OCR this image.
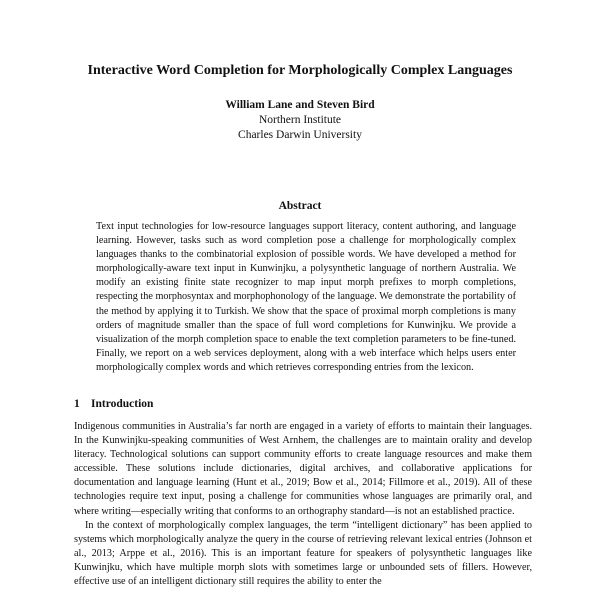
Interactive Word Completion for Morphologically Complex Languages
William Lane and Steven Bird
Northern Institute
Charles Darwin University
Abstract
Text input technologies for low-resource languages support literacy, content authoring, and language learning. However, tasks such as word completion pose a challenge for morphologically complex languages thanks to the combinatorial explosion of possible words. We have developed a method for morphologically-aware text input in Kunwinjku, a polysynthetic language of northern Australia. We modify an existing finite state recognizer to map input morph prefixes to morph completions, respecting the morphosyntax and morphophonology of the language. We demonstrate the portability of the method by applying it to Turkish. We show that the space of proximal morph completions is many orders of magnitude smaller than the space of full word completions for Kunwinjku. We provide a visualization of the morph completion space to enable the text completion parameters to be fine-tuned. Finally, we report on a web services deployment, along with a web interface which helps users enter morphologically complex words and which retrieves corresponding entries from the lexicon.
1 Introduction

Indigenous communities in Australia’s far north are engaged in a variety of efforts to maintain their languages. In the Kunwinjku-speaking communities of West Arnhem, the challenges are to maintain orality and develop literacy. Technological solutions can support community efforts to create language resources and make them accessible. These solutions include dictionaries, digital archives, and collaborative applications for documentation and language learning (Hunt et al., 2019; Bow et al., 2014; Fillmore et al., 2019). All of these technologies require text input, posing a challenge for communities whose languages are primarily oral, and where writing—especially writing that conforms to an orthography standard—is not an established practice.

In the context of morphologically complex languages, the term “intelligent dictionary” has been applied to systems which morphologically analyze the query in the course of retrieving relevant lexical entries (Johnson et al., 2013; Arppe et al., 2016). This is an important feature for speakers of polysynthetic languages like Kunwinjku, which have multiple morph slots with sometimes large or unbounded sets of fillers. However, effective use of an intelligent dictionary still requires the ability to enter the
